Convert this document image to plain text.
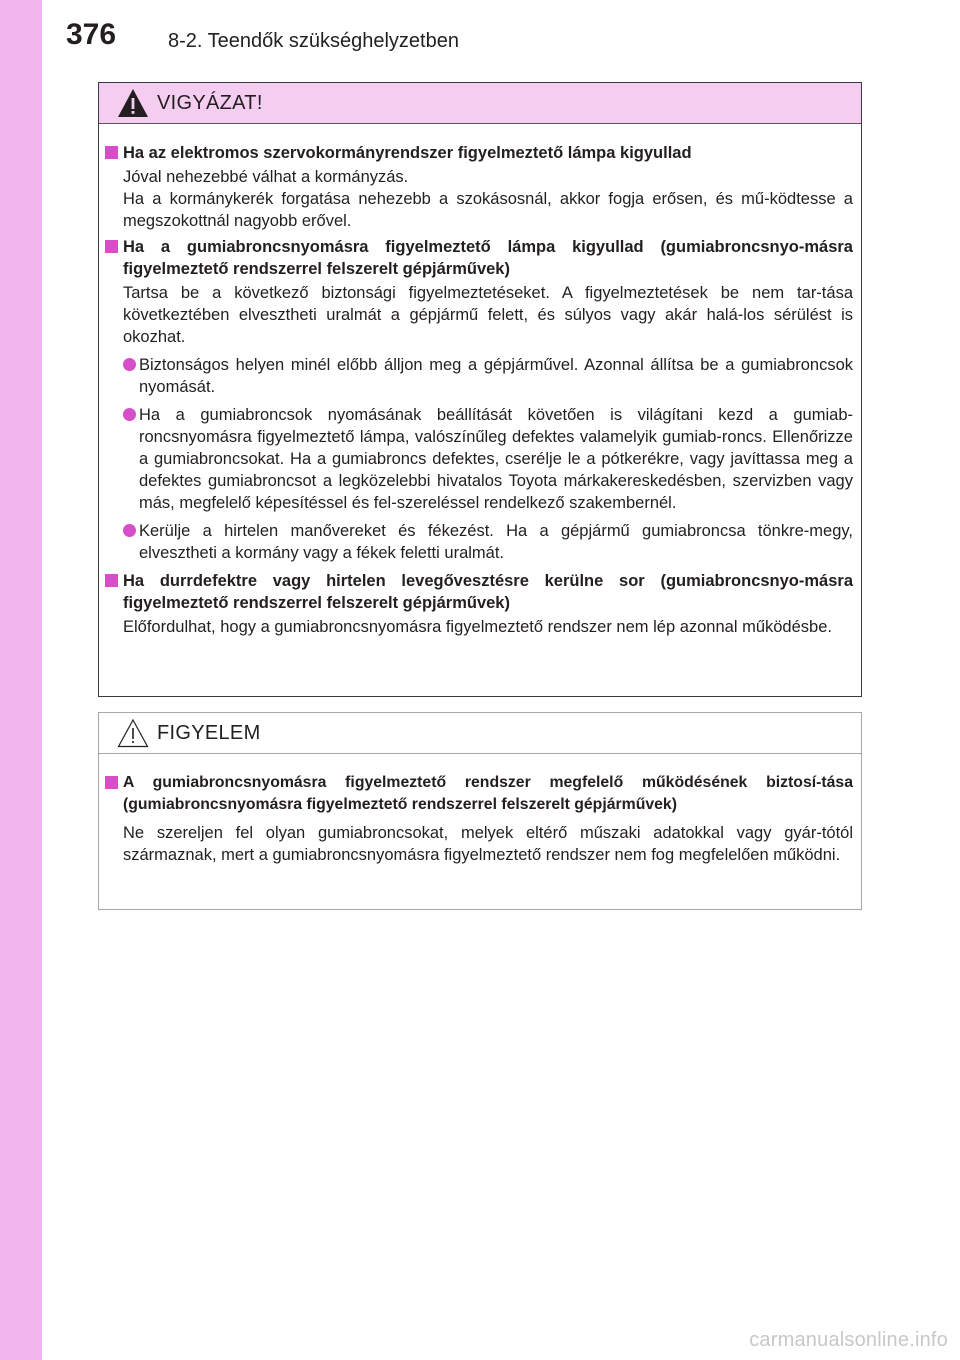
376	8-2. Teendők szükséghelyzetben
VIGYÁZAT!
Ha az elektromos szervokormányrendszer figyelmeztető lámpa kigyullad
Jóval nehezebbé válhat a kormányzás.
Ha a kormánykerék forgatása nehezebb a szokásosnál, akkor fogja erősen, és mű-ködtesse a megszokottnál nagyobb erővel.
Ha a gumiabroncsnyomásra figyelmeztető lámpa kigyullad (gumiabroncsnyo-másra figyelmeztető rendszerrel felszerelt gépjárművek)
Tartsa be a következő biztonsági figyelmeztetéseket. A figyelmeztetések be nem tar-tása következtében elvesztheti uralmát a gépjármű felett, és súlyos vagy akár halá-los sérülést is okozhat.
Biztonságos helyen minél előbb álljon meg a gépjárművel. Azonnal állítsa be a gumiabroncsok nyomását.
Ha a gumiabroncsok nyomásának beállítását követően is világítani kezd a gumiab-roncsnyomásra figyelmeztető lámpa, valószínűleg defektes valamelyik gumiab-roncs. Ellenőrizze a gumiabroncsokat. Ha a gumiabroncs defektes, cserélje le a pótkerékre, vagy javíttassa meg a defektes gumiabroncsot a legközelebbi hivatalos Toyota márkakereskedésben, szervizben vagy más, megfelelő képesítéssel és fel-szereléssel rendelkező szakembernél.
Kerülje a hirtelen manővereket és fékezést. Ha a gépjármű gumiabroncsa tönkre-megy, elvesztheti a kormány vagy a fékek feletti uralmát.
Ha durrdefektre vagy hirtelen levegővesztésre kerülne sor (gumiabroncsnyo-másra figyelmeztető rendszerrel felszerelt gépjárművek)
Előfordulhat, hogy a gumiabroncsnyomásra figyelmeztető rendszer nem lép azonnal működésbe.
FIGYELEM
A gumiabroncsnyomásra figyelmeztető rendszer megfelelő működésének biztosí-tása (gumiabroncsnyomásra figyelmeztető rendszerrel felszerelt gépjárművek)
Ne szereljen fel olyan gumiabroncsokat, melyek eltérő műszaki adatokkal vagy gyár-tótól származnak, mert a gumiabroncsnyomásra figyelmeztető rendszer nem fog megfelelően működni.
carmanualsonline.info
